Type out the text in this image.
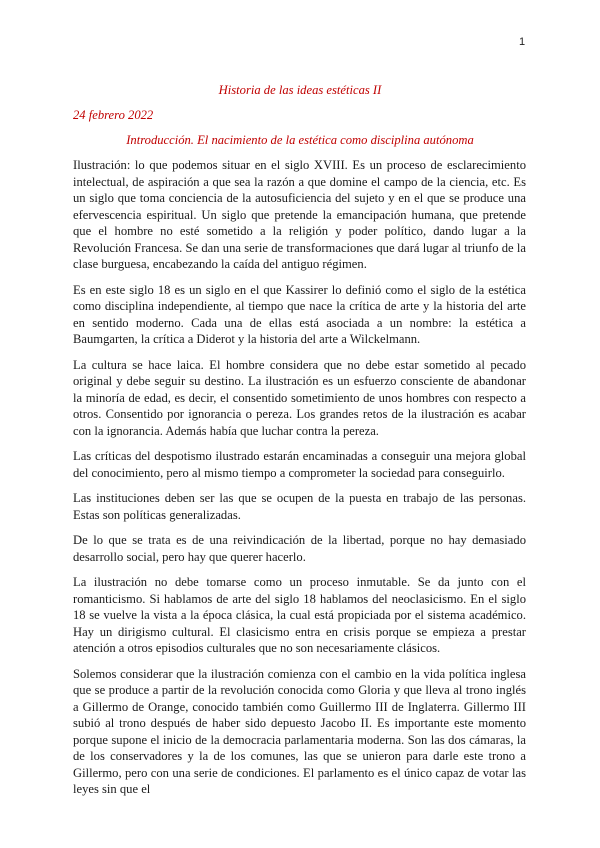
1
Historia de las ideas estéticas II
24 febrero 2022
Introducción. El nacimiento de la estética como disciplina autónoma

Ilustración: lo que podemos situar en el siglo XVIII. Es un proceso de esclarecimiento intelectual, de aspiración a que sea la razón a que domine el campo de la ciencia, etc. Es un siglo que toma conciencia de la autosuficiencia del sujeto y en el que se produce una efervescencia espiritual. Un siglo que pretende la emancipación humana, que pretende que el hombre no esté sometido a la religión y poder político, dando lugar a la Revolución Francesa. Se dan una serie de transformaciones que dará lugar al triunfo de la clase burguesa, encabezando la caída del antiguo régimen.

Es en este siglo 18 es un siglo en el que Kassirer lo definió como el siglo de la estética como disciplina independiente, al tiempo que nace la crítica de arte y la historia del arte en sentido moderno. Cada una de ellas está asociada a un nombre: la estética a Baumgarten, la crítica a Diderot y la historia del arte a Wilckelmann.

La cultura se hace laica. El hombre considera que no debe estar sometido al pecado original y debe seguir su destino. La ilustración es un esfuerzo consciente de abandonar la minoría de edad, es decir, el consentido sometimiento de unos hombres con respecto a otros. Consentido por ignorancia o pereza. Los grandes retos de la ilustración es acabar con la ignorancia. Además había que luchar contra la pereza.

Las críticas del despotismo ilustrado estarán encaminadas a conseguir una mejora global del conocimiento, pero al mismo tiempo a comprometer la sociedad para conseguirlo.

Las instituciones deben ser las que se ocupen de la puesta en trabajo de las personas. Estas son políticas generalizadas.

De lo que se trata es de una reivindicación de la libertad, porque no hay demasiado desarrollo social, pero hay que querer hacerlo.

La ilustración no debe tomarse como un proceso inmutable. Se da junto con el romanticismo. Si hablamos de arte del siglo 18 hablamos del neoclasicismo. En el siglo 18 se vuelve la vista a la época clásica, la cual está propiciada por el sistema académico. Hay un dirigismo cultural. El clasicismo entra en crisis porque se empieza a prestar atención a otros episodios culturales que no son necesariamente clásicos.

Solemos considerar que la ilustración comienza con el cambio en la vida política inglesa que se produce a partir de la revolución conocida como Gloria y que lleva al trono inglés a Gillermo de Orange, conocido también como Guillermo III de Inglaterra. Gillermo III subió al trono después de haber sido depuesto Jacobo II. Es importante este momento porque supone el inicio de la democracia parlamentaria moderna. Son las dos cámaras, la de los conservadores y la de los comunes, las que se unieron para darle este trono a Gillermo, pero con una serie de condiciones. El parlamento es el único capaz de votar las leyes sin que el
